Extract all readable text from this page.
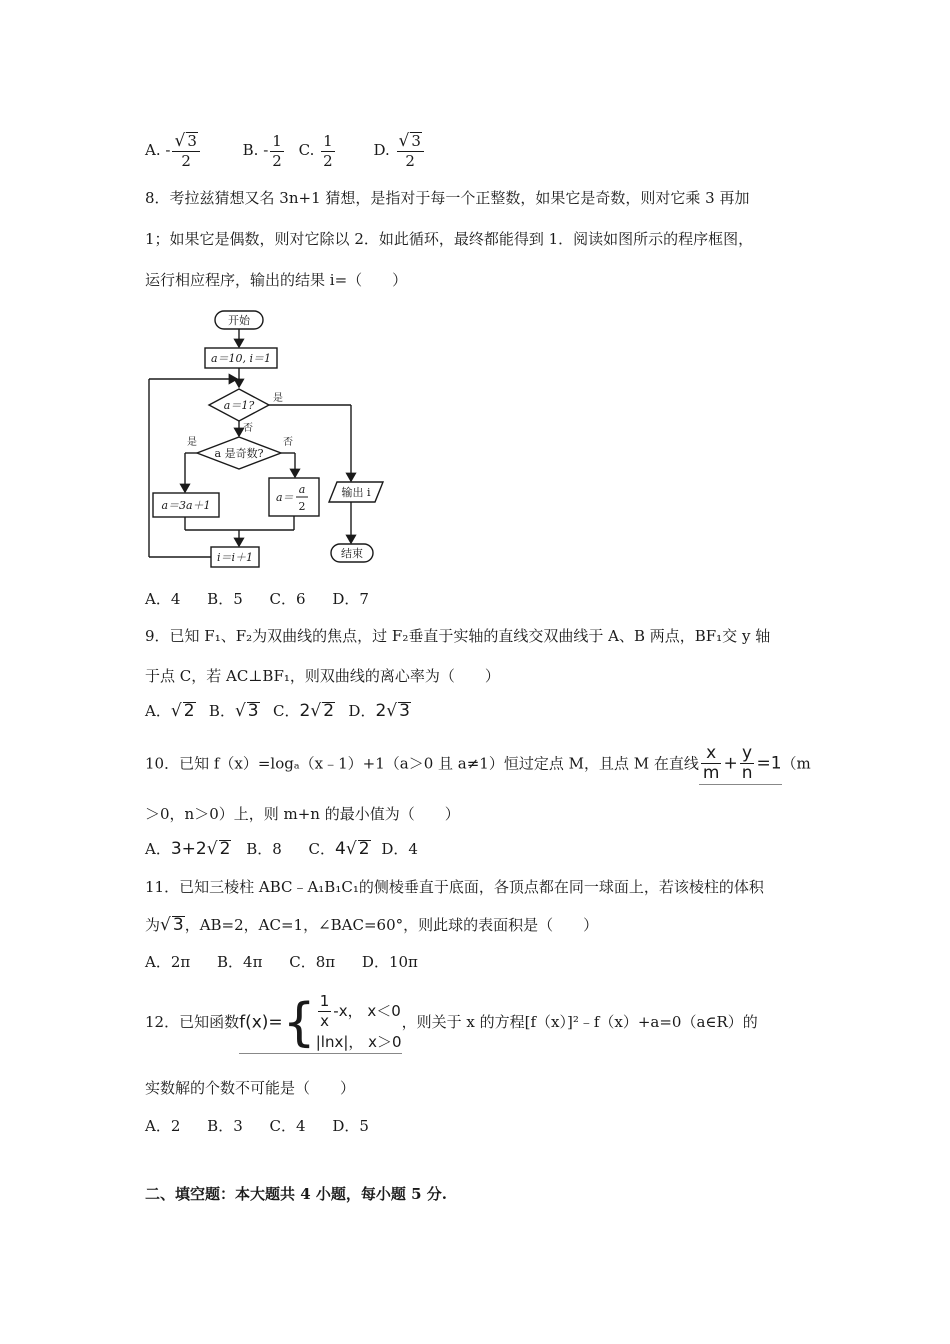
A. - $\frac{√ 3}{2}$	B. - $\frac{1}{2} C$. $\frac{1}{2}$	D. $\frac{√ 3}{2}$
8．考拉兹猜想又名 3n+1 猜想，是指对于每一个正整数，如果它是奇数，则对它乘 3 再加
1；如果它是偶数，则对它除以 2．如此循环，最终都能得到 1．阅读如图所示的程序框图，
运行相应程序，输出的结果 i=（　　）
开始
a＝10, i＝1
a＝1?
是
否
a 是奇数?
是	否
a＝3a＋1
a＝
a
2
i＝i＋1
输出 i
结束
A．4 B．5 C．6 D．7
9．已知 F₁、F₂为双曲线的焦点，过 F₂垂直于实轴的直线交双曲线于 A、B 两点，BF₁交 y 轴
于点 C，若 AC⊥BF₁，则双曲线的离心率为（　　）
A．√ 2 B．√ 3 C．2√ 2 D．2√ 3
10．已知 f（x）=logₐ（x﹣1）+1（a＞0 且 a≠1）恒过定点 M，且点 M 在直线 $\frac{x}{m} + \frac{y}{n} =1(m$
＞0，n＞0）上，则 m+n 的最小值为（　　）
A．3+2√ 2 B．8 C．4√ 2 D．4
11．已知三棱柱 ABC﹣A₁B₁C₁的侧棱垂直于底面，各顶点都在同一球面上，若该棱柱的体积
为√ 3，AB=2，AC=1，∠BAC=60°，则此球的表面积是（　　）
A．2π B．4π C．8π D．10π
12．已知函数$f(x)=\{ \frac{1}{x} -x$， x＜0
|lnx|， x＞0
，则关于 x 的方程[f（x）]²﹣f（x）+a=0（a∈R）的
实数解的个数不可能是（　　）
A．2 B．3 C．4 D．5
二、填空题：本大题共 4 小题，每小题 5 分.
